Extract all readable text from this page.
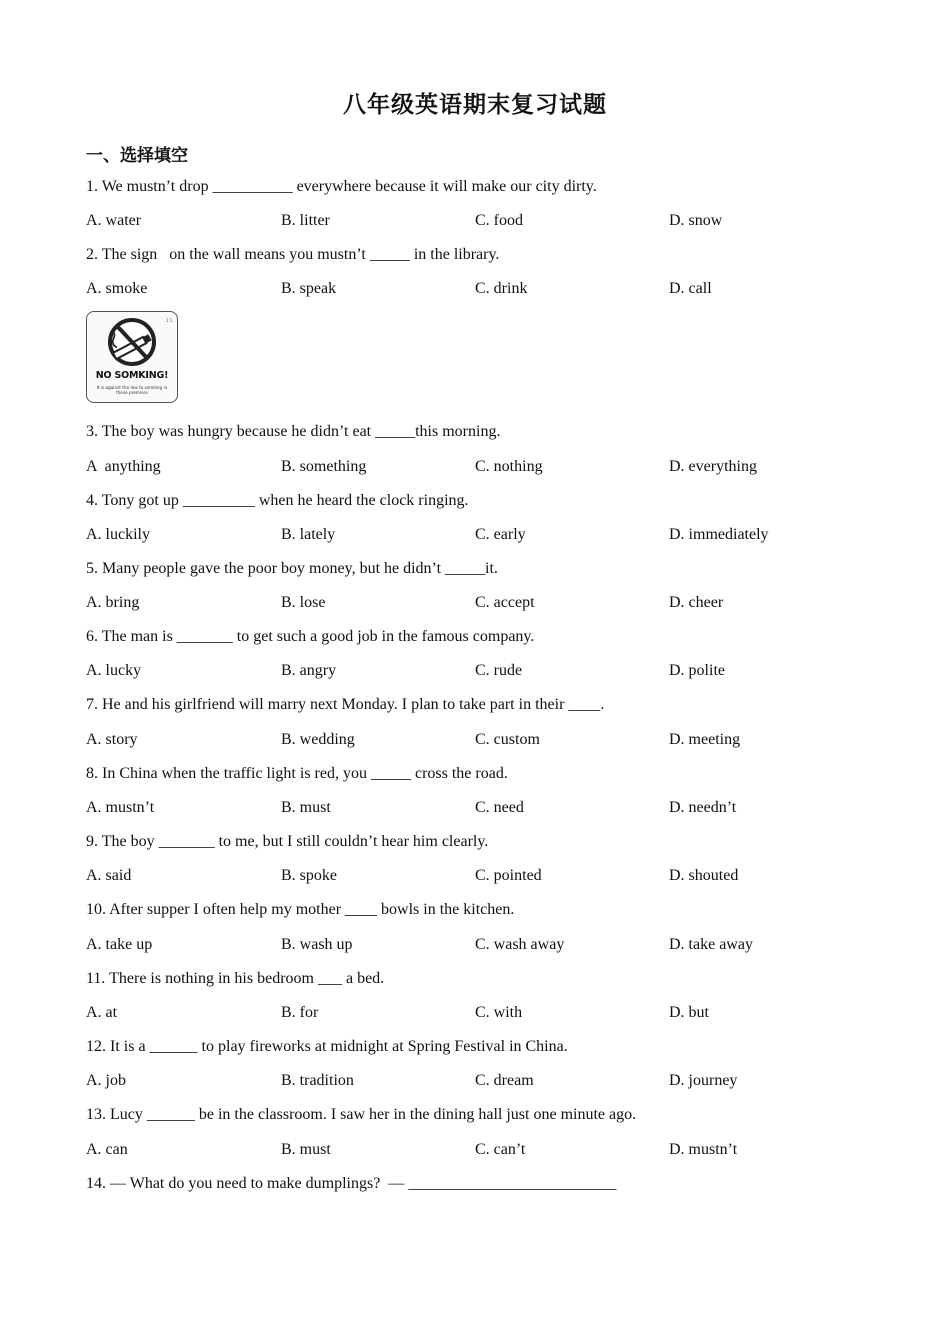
八年级英语期末复习试题
一、选择填空
1. We mustn’t drop __________ everywhere because it will make our city dirty.
A. water	B. litter	C. food	D. snow
2. The sign   on the wall means you mustn’t _____ in the library.
A. smoke	B. speak	C. drink	D. call
1:1
NO SOMKING!
It is against the law to somking in these premises
3. The boy was hungry because he didn’t eat _____this morning.
A  anything	B. something	C. nothing	D. everything
4. Tony got up _________ when he heard the clock ringing.
A. luckily	B. lately	C. early	D. immediately
5. Many people gave the poor boy money, but he didn’t _____it.
A. bring	B. lose	C. accept	D. cheer
6. The man is _______ to get such a good job in the famous company.
A. lucky	B. angry	C. rude	D. polite
7. He and his girlfriend will marry next Monday. I plan to take part in their ____.
A. story	B. wedding	C. custom	D. meeting
8. In China when the traffic light is red, you _____ cross the road.
A. mustn’t	B. must	C. need	D. needn’t
9. The boy _______ to me, but I still couldn’t hear him clearly.
A. said	B. spoke	C. pointed	D. shouted
10. After supper I often help my mother ____ bowls in the kitchen.
A. take up	B. wash up	C. wash away	D. take away
11. There is nothing in his bedroom ___ a bed.
A. at	B. for	C. with	D. but
12. It is a ______ to play fireworks at midnight at Spring Festival in China.
A. job	B. tradition	C. dream	D. journey
13. Lucy ______ be in the classroom. I saw her in the dining hall just one minute ago.
A. can	B. must	C. can’t	D. mustn’t
14. — What do you need to make dumplings?  — __________________________
